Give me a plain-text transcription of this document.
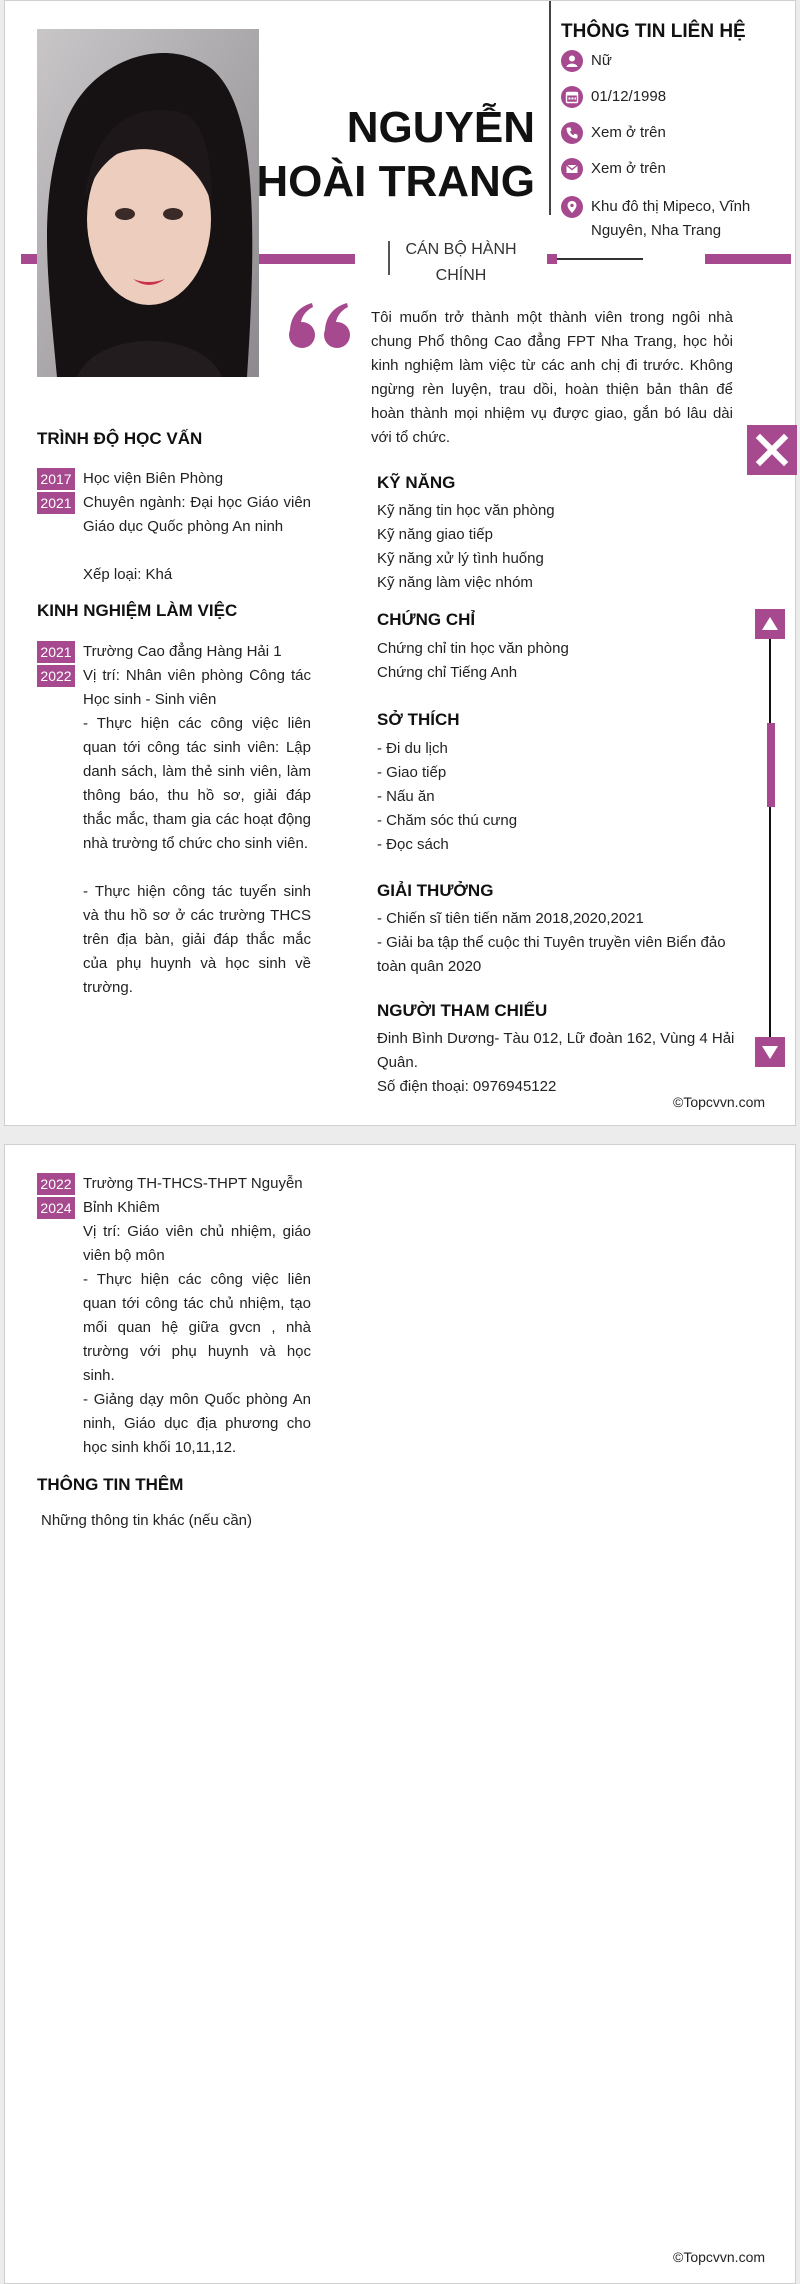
NGUYỄN
HOÀI TRANG
CÁN BỘ HÀNH CHÍNH
THÔNG TIN LIÊN HỆ
Nữ
01/12/1998
Xem ở trên
Xem ở trên
Khu đô thị Mipeco, Vĩnh Nguyên, Nha Trang
Tôi muốn trở thành một thành viên trong ngôi nhà chung Phổ thông Cao đẳng FPT Nha Trang, học hỏi kinh nghiệm làm việc từ các anh chị đi trước. Không ngừng rèn luyện, trau dồi, hoàn thiện bản thân để hoàn thành mọi nhiệm vụ được giao, gắn bó lâu dài với tổ chức.
TRÌNH ĐỘ HỌC VẤN
2017
2021
Học viện Biên Phòng
Chuyên ngành: Đại học Giáo viên Giáo dục Quốc phòng An ninh
Xếp loại: Khá
KINH NGHIỆM LÀM VIỆC
2021
2022
Trường Cao đẳng Hàng Hải 1
Vị trí: Nhân viên phòng Công tác Học sinh - Sinh viên
- Thực hiện các công việc liên quan tới công tác sinh viên: Lập danh sách, làm thẻ sinh viên, làm thông báo, thu hồ sơ, giải đáp thắc mắc, tham gia các hoạt động nhà trường tổ chức cho sinh viên.
- Thực hiện công tác tuyển sinh và thu hồ sơ ở các trường THCS trên địa bàn, giải đáp thắc mắc của phụ huynh và học sinh về trường.
KỸ NĂNG
Kỹ năng tin học văn phòng
Kỹ năng giao tiếp
Kỹ năng xử lý tình huống
Kỹ năng làm việc nhóm
CHỨNG CHỈ
Chứng chỉ tin học văn phòng
Chứng chỉ Tiếng Anh
SỞ THÍCH
- Đi du lịch
- Giao tiếp
- Nấu ăn
- Chăm sóc thú cưng
- Đọc sách
GIẢI THƯỞNG
- Chiến sĩ tiên tiến năm 2018,2020,2021
- Giải ba tập thể cuộc thi Tuyên truyền viên Biển đảo toàn quân 2020
NGƯỜI THAM CHIẾU
Đinh Bình Dương- Tàu 012, Lữ đoàn 162, Vùng 4 Hải Quân.
Số điện thoại: 0976945122
©Topcvvn.com
2022
2024
Trường TH-THCS-THPT Nguyễn Bỉnh Khiêm
Vị trí: Giáo viên chủ nhiệm, giáo viên bộ môn
- Thực hiện các công việc liên quan tới công tác chủ nhiệm, tạo mối quan hệ giữa gvcn , nhà trường với phụ huynh và học sinh.
- Giảng dạy môn Quốc phòng An ninh, Giáo dục địa phương cho học sinh khối 10,11,12.
THÔNG TIN THÊM
Những thông tin khác (nếu cần)
©Topcvvn.com
